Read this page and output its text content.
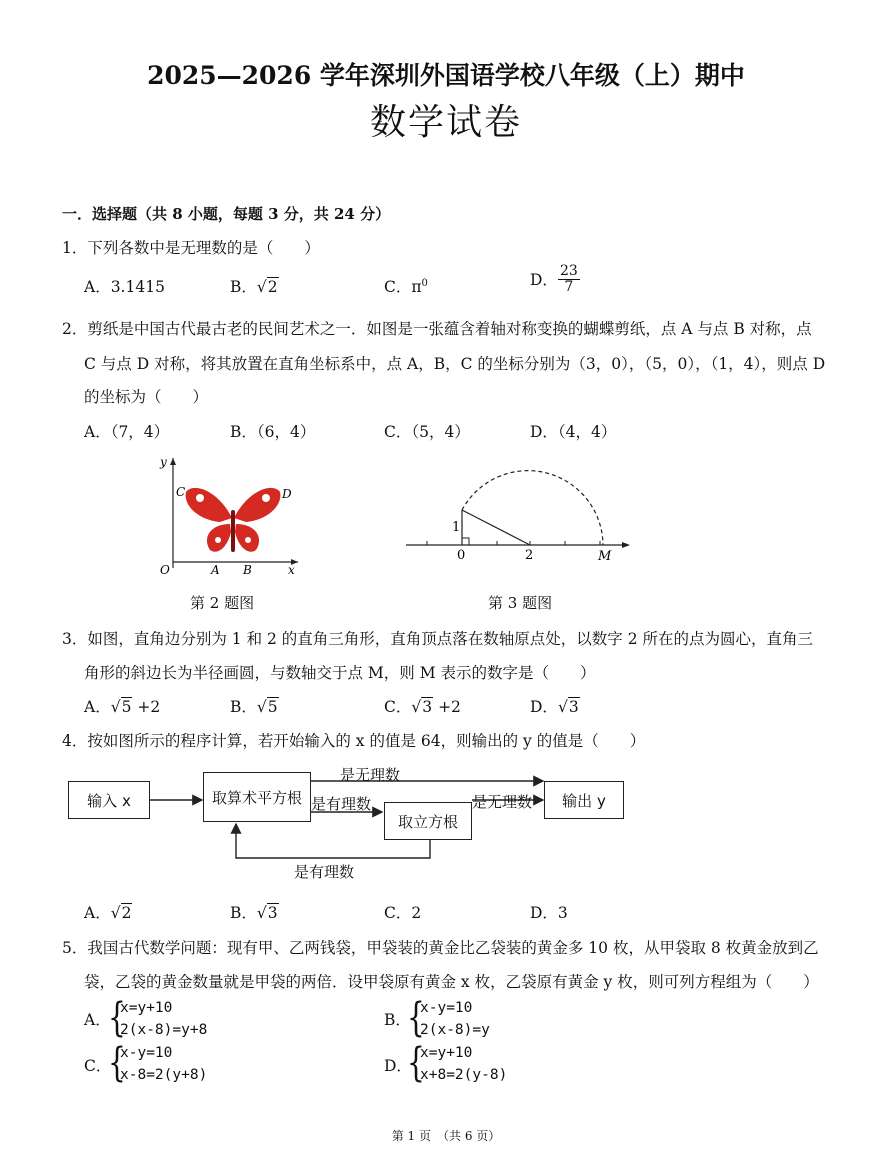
2025—2026 学年深圳外国语学校八年级（上）期中
数学试卷
一．选择题（共 8 小题，每题 3 分，共 24 分）
1．下列各数中是无理数的是（　　）
A．3.1415	B．√2	C．$\pi^0$	D． $\frac{23}{7}$
2．剪纸是中国古代最古老的民间艺术之一．如图是一张蕴含着轴对称变换的蝴蝶剪纸，点 A 与点 B 对称，点
C 与点 D 对称，将其放置在直角坐标系中，点 A，B，C 的坐标分别为（3，0），（5，0），（1，4），则点 D
的坐标为（　　）
A．（7，4）	B．（6，4）	C．（5，4）	D．（4，4）
y
x
O	A B
C	D
第 2 题图
1
0	2	M
第 3 题图
3．如图，直角边分别为 1 和 2 的直角三角形，直角顶点落在数轴原点处，以数字 2 所在的点为圆心，直角三
角形的斜边长为半径画圆，与数轴交于点 M，则 M 表示的数字是（　　）
A．√5 +2	B．√5	C．√3 +2	D．√3
4．按如图所示的程序计算，若开始输入的 x 的值是 64，则输出的 y 的值是（　　）
输入 x	取算术平方根
取立方根
输出 y
是无理数
是有理数	是无理数
是有理数
A．√2	B．√3	C．2	D．3
5．我国古代数学问题：现有甲、乙两钱袋，甲袋装的黄金比乙袋装的黄金多 10 枚，从甲袋取 8 枚黄金放到乙
袋，乙袋的黄金数量就是甲袋的两倍．设甲袋原有黄金 x 枚，乙袋原有黄金 y 枚，则可列方程组为（　　）
A．
{
x=y+10
2(x-8)=y+8
B．
{
x-y=10
2(x-8)=y
C．
{
x-y=10
x-8=2(y+8)	D．
{
x=y+10
x+8=2(y-8)
第 1 页　（共 6 页）
